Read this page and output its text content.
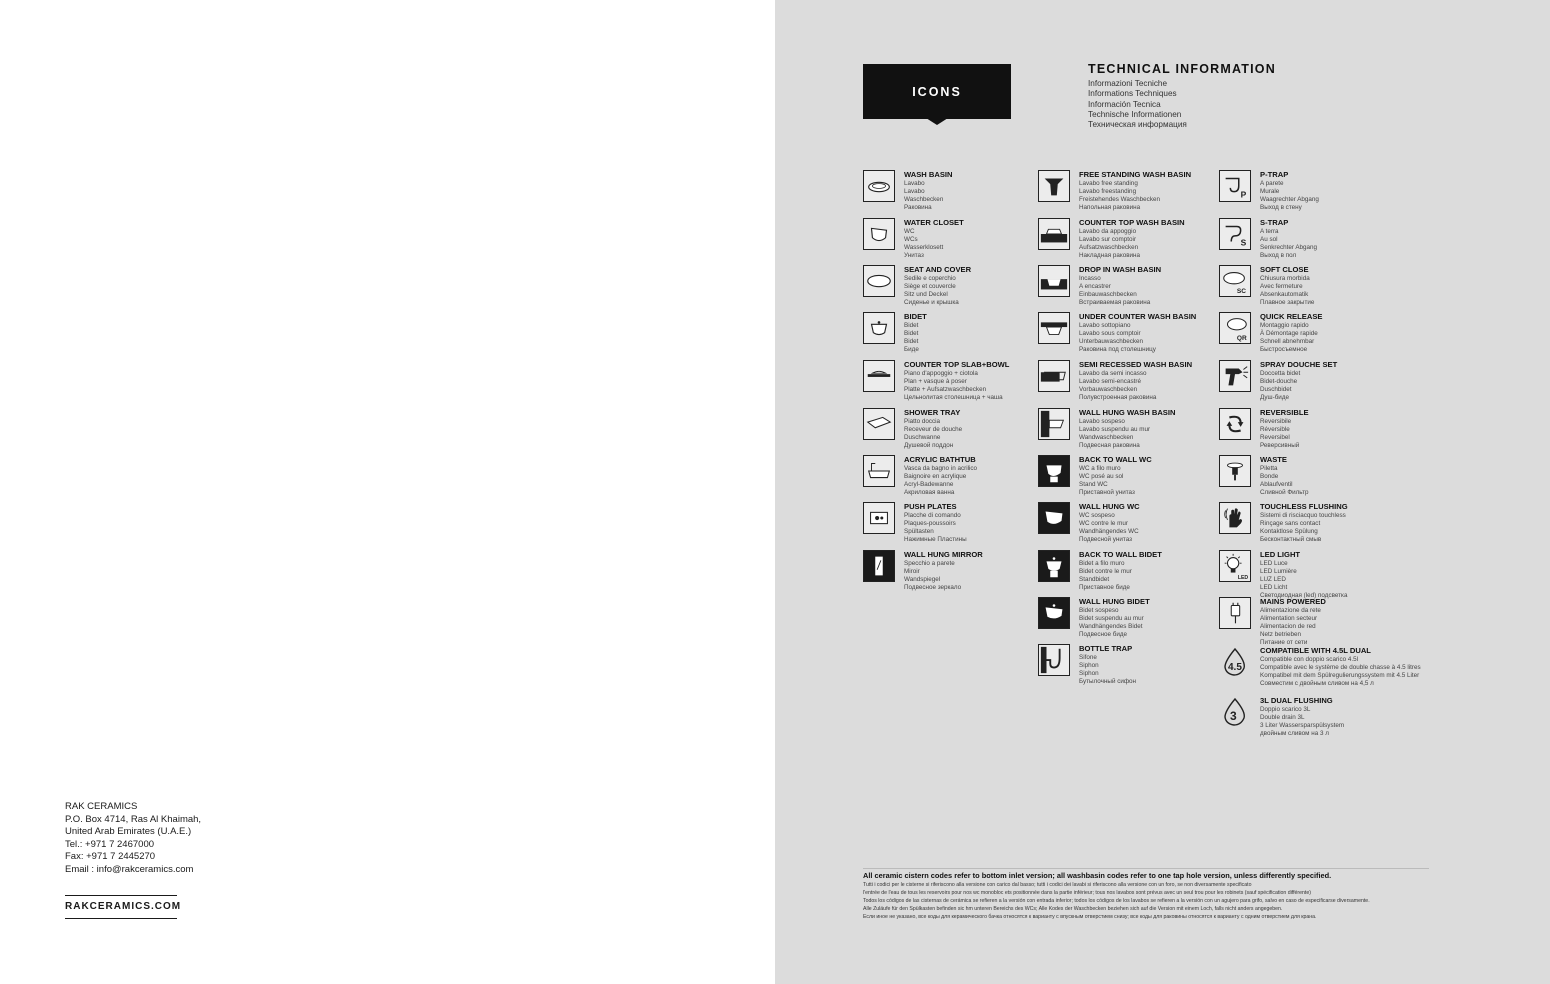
RAK CERAMICS
P.O. Box 4714, Ras Al Khaimah,
United Arab Emirates (U.A.E.)
Tel.: +971 7 2467000
Fax: +971 7 2445270
Email : info@rakceramics.com
RAKCERAMICS.COM
ICONS
TECHNICAL INFORMATION
Informazioni Tecniche
Informations Techniques
Información Tecnica
Technische Informationen
Техническая информация
WASH BASIN
Lavabo
Lavabo
Waschbecken
Раковина
WATER CLOSET
WC
WCs
Wasserklosett
Унитаз
SEAT AND COVER
Sedile e coperchio
Siège et couvercle
Sitz und Deckel
Сиденье и крышка
BIDET
Bidet
Bidet
Bidet
Биде
COUNTER TOP SLAB+BOWL
Piano d'appoggio + ciotola
Plan + vasque à poser
Platte + Aufsatzwaschbecken
Цельнолитая столешница + чаша
SHOWER TRAY
Piatto doccia
Receveur de douche
Duschwanne
Душевой поддон
ACRYLIC BATHTUB
Vasca da bagno in acrilico
Baignoire en acrylique
Acryl-Badewanne
Акриловая ванна
PUSH PLATES
Placche di comando
Plaques-poussoirs
Spültasten
Нажимные Пластины
WALL HUNG MIRROR
Specchio a parete
Miroir
Wandspiegel
Подвесное зеркало
FREE STANDING WASH BASIN
Lavabo free standing
Lavabo freestanding
Freistehendes Waschbecken
Напольная раковина
COUNTER TOP WASH BASIN
Lavabo da appoggio
Lavabo sur comptoir
Aufsatzwaschbecken
Накладная раковина
DROP IN WASH BASIN
Incasso
A encastrer
Einbauwaschbecken
Встраиваемая раковина
UNDER COUNTER WASH BASIN
Lavabo sottopiano
Lavabo sous comptoir
Unterbauwaschbecken
Раковина под столешницу
SEMI RECESSED WASH BASIN
Lavabo da semi incasso
Lavabo semi-encastré
Vorbauwaschbecken
Полувстроенная раковина
WALL HUNG WASH BASIN
Lavabo sospeso
Lavabo suspendu au mur
Wandwaschbecken
Подвесная раковина
BACK TO WALL WC
WC a filo muro
WC posé au sol
Stand WC
Приставной унитаз
WALL HUNG WC
WC sospeso
WC contre le mur
Wandhängendes WC
Подвесной унитаз
BACK TO WALL BIDET
Bidet a filo muro
Bidet contre le mur
Standbidet
Приставное биде
WALL HUNG BIDET
Bidet sospeso
Bidet suspendu au mur
Wandhängendes Bidet
Подвесное биде
BOTTLE TRAP
Sifone
Siphon
Siphon
Бутылочный сифон
P
P-TRAP
A parete
Murale
Waagrechter Abgang
Выход в стену
S
S-TRAP
A terra
Au sol
Senkrechter Abgang
Выход в пол
SC
SOFT CLOSE
Chiusura morbida
Avec fermeture
Absenkautomatik
Плавное закрытие
QR
QUICK RELEASE
Montaggio rapido
À Démontage rapide
Schnell abnehmbar
Быстросъемное
SPRAY DOUCHE SET
Doccetta bidet
Bidet-douche
Duschbidet
Душ-биде
REVERSIBLE
Reversibile
Réversible
Reversibel
Реверсивный
WASTE
Piletta
Bonde
Ablaufventil
Сливной Фильтр
TOUCHLESS FLUSHING
Sistemi di risciacquo touchless
Rinçage sans contact
Kontaktlose Spülung
Бесконтактный смыв
LED
LED LIGHT
LED Luce
LED Lumière
LUZ LED
LED Licht
Светодиодная (led) подсветка
MAINS POWERED
Alimentazione da rete
Alimentation secteur
Alimentacion de red
Netz betrieben
Питание от сети
4.5
COMPATIBLE WITH 4.5L DUAL
Compatible con doppio scarico 4.5l
Compatible avec le système de double chasse à 4.5 litres
Kompatibel mit dem Spülregulierungssystem mit 4.5 Liter
Совместим с двойным сливом на 4,5 л
3
3L DUAL FLUSHING
Doppio scarico 3L
Double drain 3L
3 Liter Wassersparspülsystem
двойным сливом на 3 л
All ceramic cistern codes refer to bottom inlet version; all washbasin codes refer to one tap hole version, unless differently specified.
Tutti i codici per le cisterne si riferiscono alla versione con carico dal basso; tutti i codici dei lavabi si riferiscono alla versione con un foro, se non diversamente specificato
l'entrée de l'eau de tous les reservoirs pour nos wc monobloc ets positionnée dans la partie inférieur; tous nos lavabos sont prévus avec un seul trou pour les robinets (sauf spécification différente)
Todos los códigos de las cisternas de cerámica se refieren a la versión con entrada inferior; todos los códigos de los lavabos se refieren a la versión con un agujero para grifo, salvo en caso de especificarse diversamente.
Alle Zuläufe für den Spülkasten befinden sic hm unteren Bereichs des WCs; Alle Kodes der Waschbecken beziehen sich auf die Version mit einem Loch, falls nicht anders angegeben.
Если иное не указано, все коды для керамического бачка относятся к варианту с впускным отверстием снизу; все коды для раковины относятся к варианту с одним отверстием для крана.
